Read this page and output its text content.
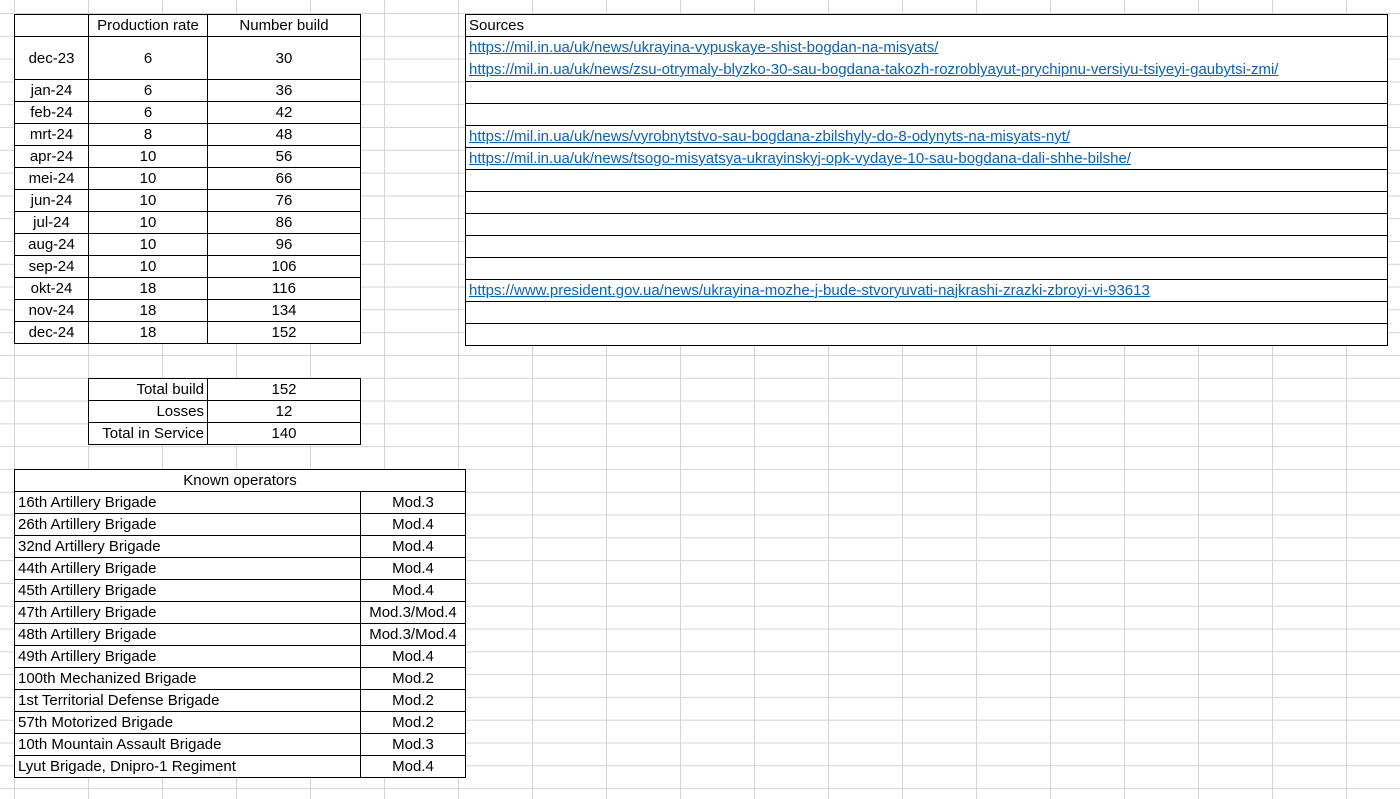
	Production rate	Number build
dec-23	6	30
jan-24	6	36
feb-24	6	42
mrt-24	8	48
apr-24	10	56
mei-24	10	66
jun-24	10	76
jul-24	10	86
aug-24	10	96
sep-24	10	106
okt-24	18	116
nov-24	18	134
dec-24	18	152
Sources
https://mil.in.ua/uk/news/ukrayina-vypuskaye-shist-bogdan-na-misyats/
https://mil.in.ua/uk/news/zsu-otrymaly-blyzko-30-sau-bogdana-takozh-rozroblyayut-prychipnu-versiyu-tsiyeyi-gaubytsi-zmi/

https://mil.in.ua/uk/news/vyrobnytstvo-sau-bogdana-zbilshyly-do-8-odynyts-na-misyats-nyt/
https://mil.in.ua/uk/news/tsogo-misyatsya-ukrayinskyj-opk-vydaye-10-sau-bogdana-dali-shhe-bilshe/

https://www.president.gov.ua/news/ukrayina-mozhe-j-bude-stvoryuvati-najkrashi-zrazki-zbroyi-vi-93613

Total build	152
Losses	12
Total in Service	140
Known operators	
16th Artillery Brigade	Mod.3
26th Artillery Brigade	Mod.4
32nd Artillery Brigade	Mod.4
44th Artillery Brigade	Mod.4
45th Artillery Brigade	Mod.4
47th Artillery Brigade	Mod.3/Mod.4
48th Artillery Brigade	Mod.3/Mod.4
49th Artillery Brigade	Mod.4
100th Mechanized Brigade	Mod.2
1st Territorial Defense Brigade	Mod.2
57th Motorized Brigade	Mod.2
10th Mountain Assault Brigade	Mod.3
Lyut Brigade, Dnipro-1 Regiment	Mod.4
